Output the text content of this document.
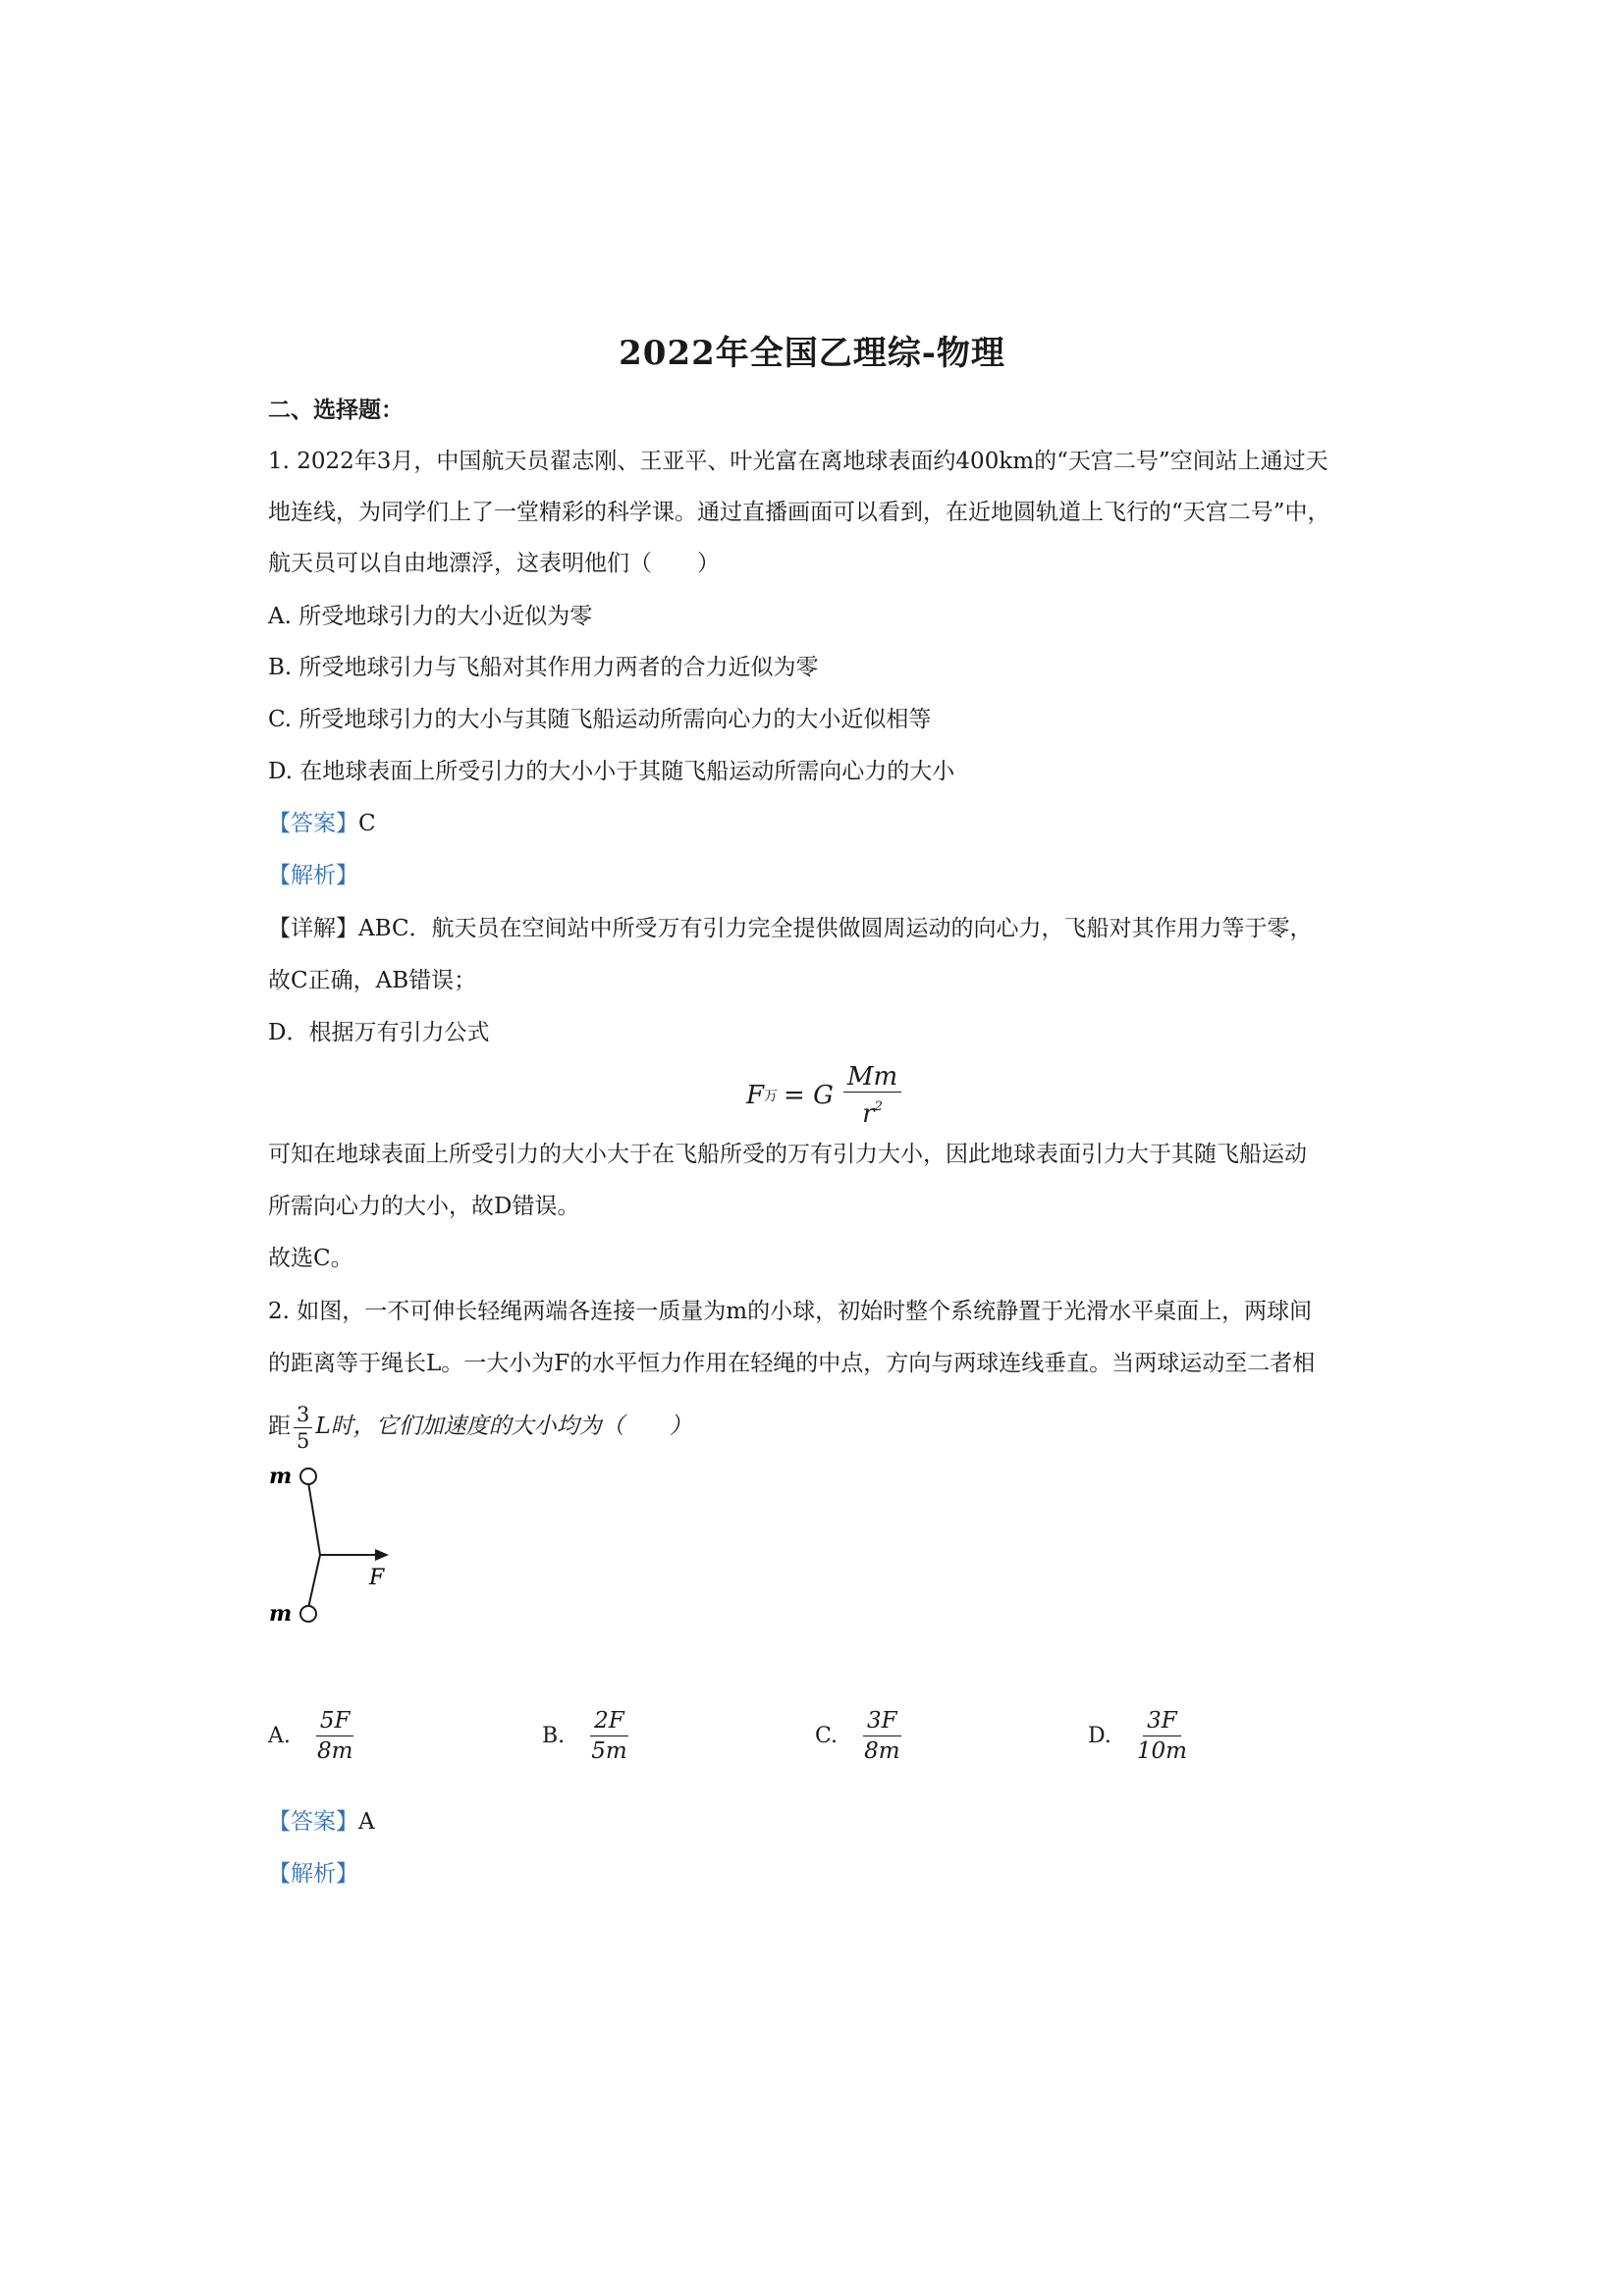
2022年全国乙理综-物理
二、选择题：
1. 2022年3月，中国航天员翟志刚、王亚平、叶光富在离地球表面约400km的“天宫二号”空间站上通过天
地连线，为同学们上了一堂精彩的科学课。通过直播画面可以看到，在近地圆轨道上飞行的“天宫二号”中，
航天员可以自由地漂浮，这表明他们（　　）
A. 所受地球引力的大小近似为零
B. 所受地球引力与飞船对其作用力两者的合力近似为零
C. 所受地球引力的大小与其随飞船运动所需向心力的大小近似相等
D. 在地球表面上所受引力的大小小于其随飞船运动所需向心力的大小
【答案】C
【解析】
【详解】ABC．航天员在空间站中所受万有引力完全提供做圆周运动的向心力，飞船对其作用力等于零，
故C正确，AB错误；
D．根据万有引力公式
F 万 = G $\frac{Mm}{r^2}$
可知在地球表面上所受引力的大小大于在飞船所受的万有引力大小，因此地球表面引力大于其随飞船运动
所需向心力的大小，故D错误。
故选C。
2. 如图，一不可伸长轻绳两端各连接一质量为m的小球，初始时整个系统静置于光滑水平桌面上，两球间
的距离等于绳长L。一大小为F的水平恒力作用在轻绳的中点，方向与两球连线垂直。当两球运动至二者相
距 $\frac{3}{5}$ L时，它们加速度的大小均为（　　）
m
m
F
A. $\frac{5F}{8m}$	B. $\frac{2F}{5m}$	C. $\frac{3F}{8m}$	D. $\frac{3F}{10m}$
【答案】A
【解析】
